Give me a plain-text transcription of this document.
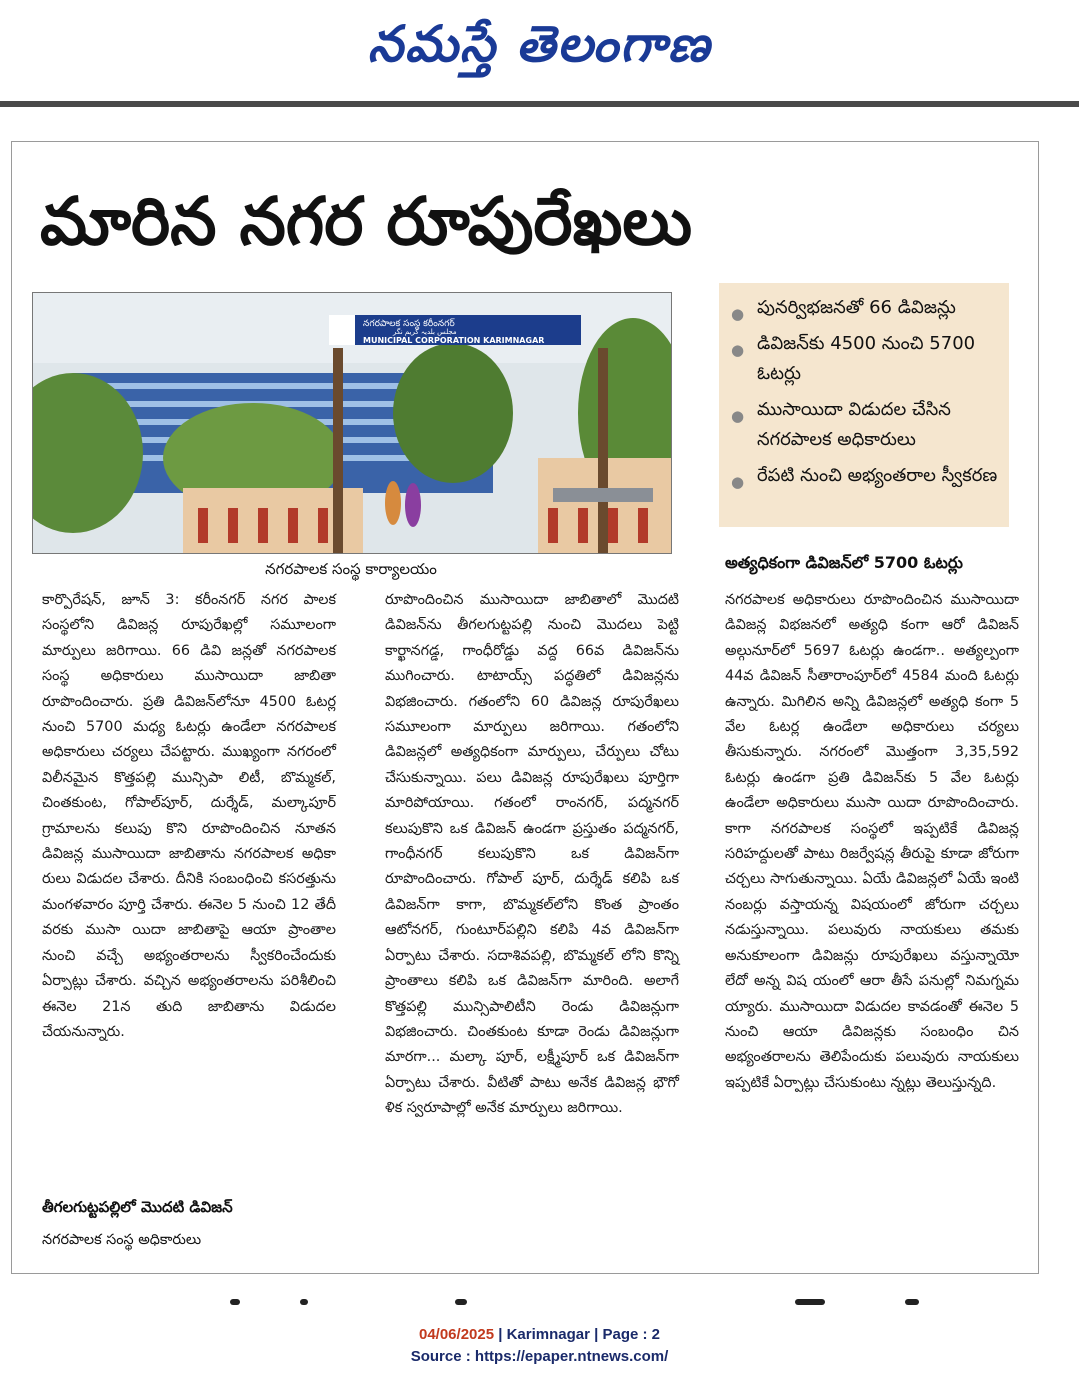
నమస్తే తెలంగాణ
మారిన నగర రూపురేఖలు
నగరపాలక సంస్థ కరీంనగర్
مجلس بلدیہ کریم نگر
MUNICIPAL CORPORATION KARIMNAGAR
నగరపాలక సంస్థ కార్యాలయం
● పునర్విభజనతో 66 డివిజన్లు
● డివిజన్‌కు 4500 నుంచి 5700 ఓటర్లు
● ముసాయిదా విడుదల చేసిన నగరపాలక అధికారులు
● రేపటి నుంచి అభ్యంతరాల స్వీకరణ
అత్యధికంగా డివిజన్‌లో 5700 ఓటర్లు

కార్పొరేషన్, జూన్ 3: కరీంనగర్ నగర పాలక సంస్థలోని డివిజన్ల రూపురేఖల్లో సమూలంగా మార్పులు జరిగాయి. 66 డివి జన్లతో నగరపాలక సంస్థ అధికారులు ముసాయిదా జాబితా రూపొందించారు. ప్రతి డివిజన్‌లోనూ 4500 ఓటర్ల నుంచి 5700 మధ్య ఓటర్లు ఉండేలా నగరపాలక అధికారులు చర్యలు చేపట్టారు. ముఖ్యంగా నగరంలో విలీనమైన కొత్తపల్లి మున్సిపా లిటీ, బొమ్మకల్, చింతకుంట, గోపాల్‌పూర్, దుర్శేడ్, మల్కాపూర్ గ్రామాలను కలుపు కొని రూపొందించిన నూతన డివిజన్ల ముసాయిదా జాబితాను నగరపాలక అధికా రులు విడుదల చేశారు. దీనికి సంబంధించి కసరత్తును మంగళవారం పూర్తి చేశారు. ఈనెల 5 నుంచి 12 తేదీ వరకు ముసా యిదా జాబితాపై ఆయా ప్రాంతాల నుంచి వచ్చే అభ్యంతరాలను స్వీకరించేందుకు ఏర్పాట్లు చేశారు. వచ్చిన అభ్యంతరాలను పరిశీలించి ఈనెల 21న తుది జాబితాను విడుదల చేయనున్నారు.

తీగలగుట్టపల్లిలో మొదటి డివిజన్
నగరపాలక సంస్థ అధికారులు

రూపొందించిన ముసాయిదా జాబితాలో మొదటి డివిజన్‌ను తీగలగుట్టపల్లి నుంచి మొదలు పెట్టి కార్ఖానగడ్డ, గాంధీరోడ్డు వద్ద 66వ డివిజన్‌ను ముగించారు. టాటాయ్స్ పద్ధతిలో డివిజన్లను విభజించారు. గతంలోని 60 డివిజన్ల రూపురేఖలు సమూలంగా మార్పులు జరిగాయి. గతంలోని డివిజన్లలో అత్యధికంగా మార్పులు, చేర్పులు చోటు చేసుకున్నాయి. పలు డివిజన్ల రూపురేఖలు పూర్తిగా మారిపోయాయి. గతంలో రాంనగర్, పద్మనగర్ కలుపుకొని ఒక డివిజన్ ఉండగా ప్రస్తుతం పద్మనగర్, గాంధీనగర్ కలుపుకొని ఒక డివిజన్‌గా రూపొందించారు. గోపాల్ పూర్, దుర్శేడ్ కలిపి ఒక డివిజన్‌గా కాగా, బొమ్మకల్‌లోని కొంత ప్రాంతం ఆటోనగర్, గుంటూర్‌పల్లిని కలిపి 4వ డివిజన్‌గా ఏర్పాటు చేశారు. సదాశివపల్లి, బొమ్మకల్ లోని కొన్ని ప్రాంతాలు కలిపి ఒక డివిజన్‌గా మారింది. అలాగే కొత్తపల్లి మున్సిపాలిటీని రెండు డివిజన్లుగా విభజించారు. చింతకుంట కూడా రెండు డివిజన్లుగా మారగా... మల్కా పూర్, లక్ష్మీపూర్ ఒక డివిజన్‌గా ఏర్పాటు చేశారు. వీటితో పాటు అనేక డివిజన్ల భౌగో ళిక స్వరూపాల్లో అనేక మార్పులు జరిగాయి.

నగరపాలక అధికారులు రూపొందించిన ముసాయిదా డివిజన్ల విభజనలో అత్యధి కంగా ఆరో డివిజన్ అల్గునూర్‌లో 5697 ఓటర్లు ఉండగా.. అత్యల్పంగా 44వ డివిజన్ సీతారాంపూర్‌లో 4584 మంది ఓటర్లు ఉన్నారు. మిగిలిన అన్ని డివిజన్లలో అత్యధి కంగా 5 వేల ఓటర్ల ఉండేలా అధికారులు చర్యలు తీసుకున్నారు. నగరంలో మొత్తంగా 3,35,592 ఓటర్లు ఉండగా ప్రతి డివిజన్‌కు 5 వేల ఓటర్లు ఉండేలా అధికారులు ముసా యిదా రూపొందించారు. కాగా నగరపాలక సంస్థలో ఇప్పటికే డివిజన్ల సరిహద్దులతో పాటు రిజర్వేషన్ల తీరుపై కూడా జోరుగా చర్చలు సాగుతున్నాయి. ఏయే డివిజన్లలో ఏయే ఇంటి నంబర్లు వస్తాయన్న విషయంలో జోరుగా చర్చలు నడుస్తున్నాయి. పలువురు నాయకులు తమకు అనుకూలంగా డివిజన్లు రూపురేఖలు వస్తున్నాయో లేదో అన్న విష యంలో ఆరా తీసే పనుల్లో నిమగ్నమ య్యారు. ముసాయిదా విడుదల కావడంతో ఈనెల 5 నుంచి ఆయా డివిజన్లకు సంబంధిం చిన అభ్యంతరాలను తెలిపేందుకు పలువురు నాయకులు ఇప్పటికే ఏర్పాట్లు చేసుకుంటు న్నట్లు తెలుస్తున్నది.

04/06/2025 | Karimnagar | Page : 2
Source : https://epaper.ntnews.com/
